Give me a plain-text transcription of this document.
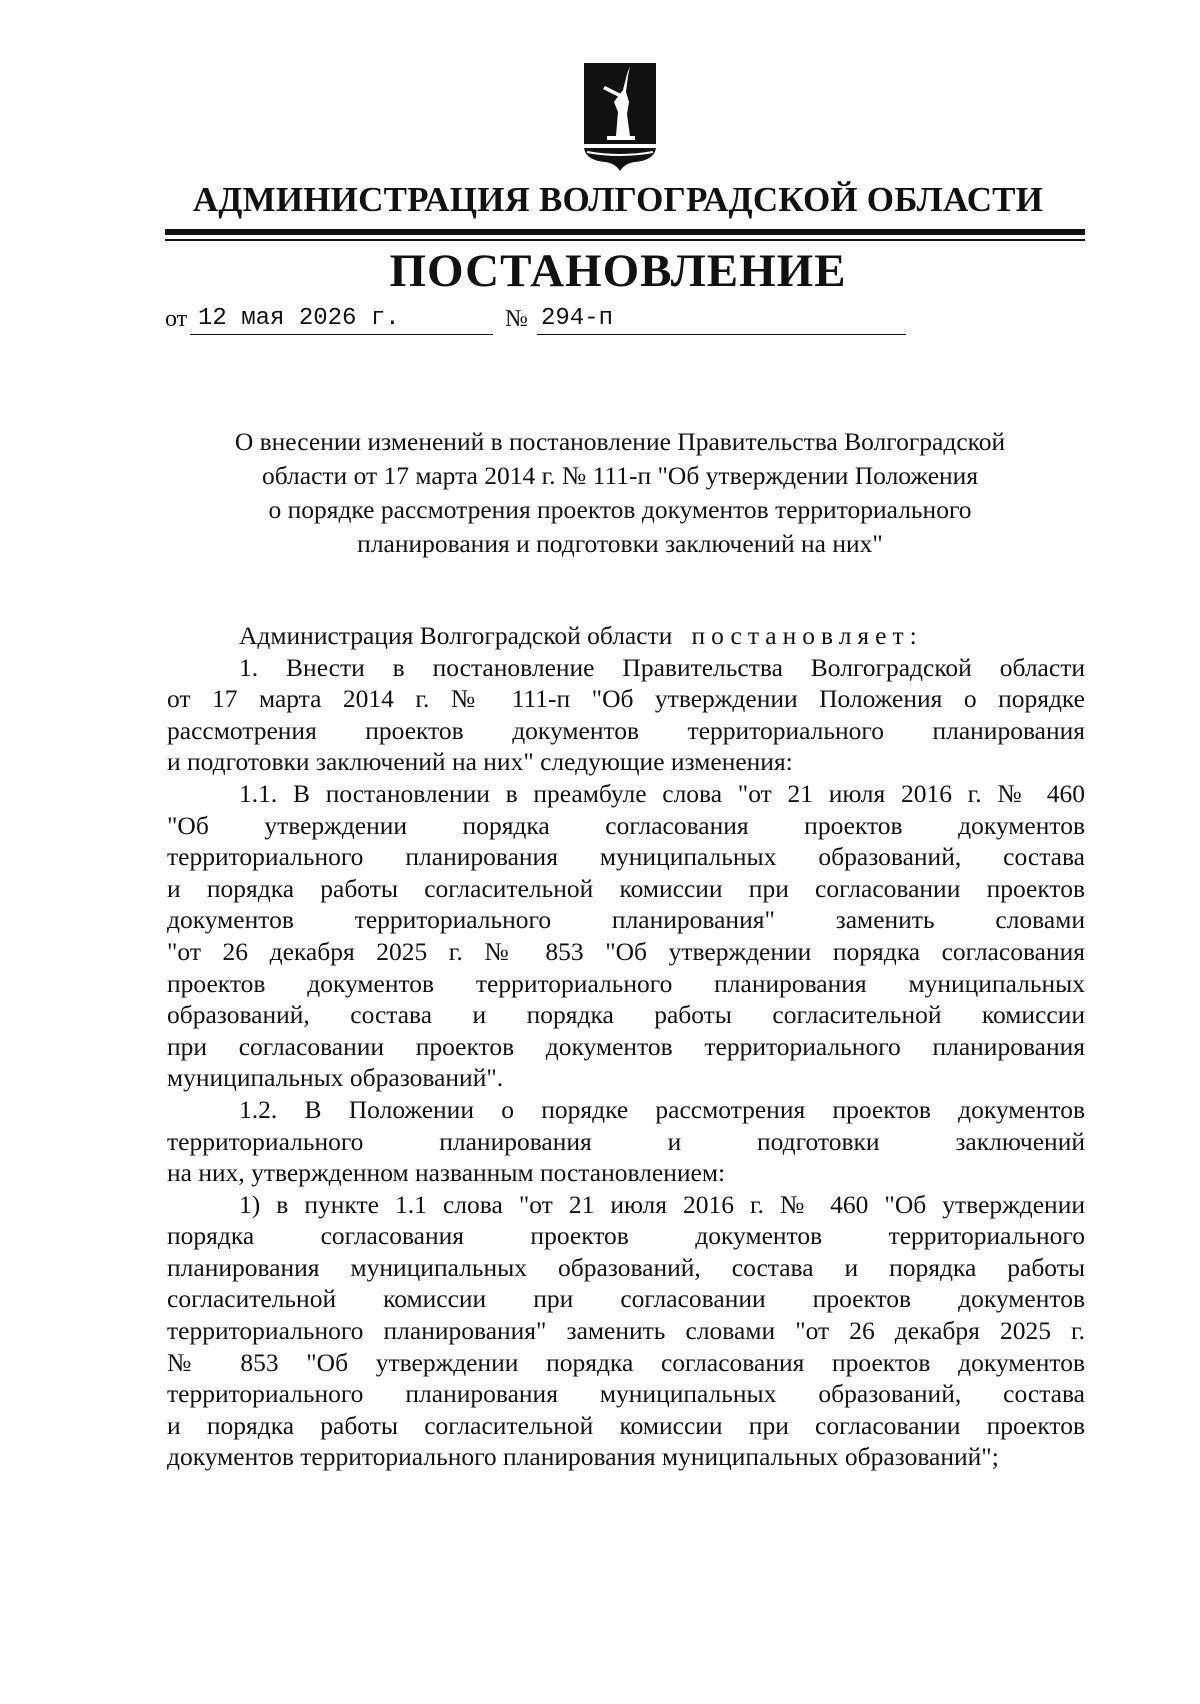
АДМИНИСТРАЦИЯ ВОЛГОГРАДСКОЙ ОБЛАСТИ
ПОСТАНОВЛЕНИЕ
от 12 мая 2026 г.	№ 294-п
О внесении изменений в постановление Правительства Волгоградской
области от 17 марта 2014 г. № 111-п "Об утверждении Положения
о порядке рассмотрения проектов документов территориального
планирования и подготовки заключений на них"

Администрация Волгоградской области постановляет:

1. Внести в постановление Правительства Волгоградской области

от 17 марта 2014 г. № 111-п "Об утверждении Положения о порядке

рассмотрения проектов документов территориального планирования

и подготовки заключений на них" следующие изменения:

1.1. В постановлении в преамбуле слова "от 21 июля 2016 г. № 460

"Об утверждении порядка согласования проектов документов

территориального планирования муниципальных образований, состава

и порядка работы согласительной комиссии при согласовании проектов

документов территориального планирования" заменить словами

"от 26 декабря 2025 г. № 853 "Об утверждении порядка согласования

проектов документов территориального планирования муниципальных

образований, состава и порядка работы согласительной комиссии

при согласовании проектов документов территориального планирования

муниципальных образований".

1.2. В Положении о порядке рассмотрения проектов документов

территориального планирования и подготовки заключений

на них, утвержденном названным постановлением:

1) в пункте 1.1 слова "от 21 июля 2016 г. № 460 "Об утверждении

порядка согласования проектов документов территориального

планирования муниципальных образований, состава и порядка работы

согласительной комиссии при согласовании проектов документов

территориального планирования" заменить словами "от 26 декабря 2025 г.

№ 853 "Об утверждении порядка согласования проектов документов

территориального планирования муниципальных образований, состава

и порядка работы согласительной комиссии при согласовании проектов

документов территориального планирования муниципальных образований";
